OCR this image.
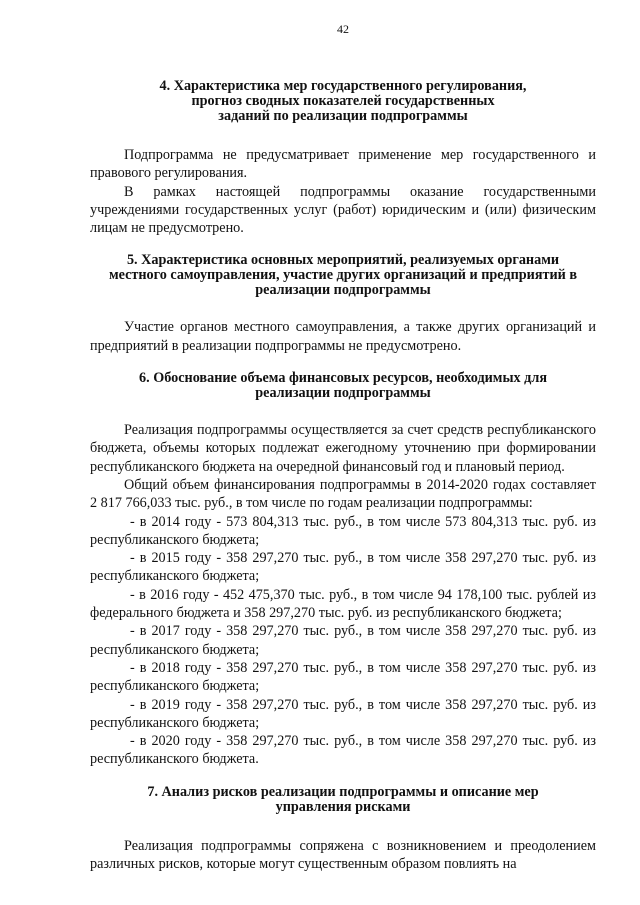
42
4. Характеристика мер государственного регулирования,
прогноз сводных показателей государственных
заданий по реализации подпрограммы

Подпрограмма не предусматривает применение мер государственного и правового регулирования.

В рамках настоящей подпрограммы оказание государственными учреждениями государственных услуг (работ) юридическим и (или) физическим лицам не предусмотрено.

5. Характеристика основных мероприятий, реализуемых органами
местного самоуправления, участие других организаций и предприятий в
реализации подпрограммы

Участие органов местного самоуправления, а также других организаций и предприятий в реализации подпрограммы не предусмотрено.

6. Обоснование объема финансовых ресурсов, необходимых для
реализации подпрограммы

Реализация подпрограммы осуществляется за счет средств республиканского бюджета, объемы которых подлежат ежегодному уточнению при формировании республиканского бюджета на очередной финансовый год и плановый период.

Общий объем финансирования подпрограммы в 2014-2020 годах составляет 2 817 766,033 тыс. руб., в том числе по годам реализации подпрограммы:

- в 2014 году - 573 804,313 тыс. руб., в том числе 573 804,313 тыс. руб. из республиканского бюджета;

- в 2015 году - 358 297,270 тыс. руб., в том числе 358 297,270 тыс. руб. из республиканского бюджета;

- в 2016 году - 452 475,370 тыс. руб., в том числе 94 178,100 тыс. рублей из федерального бюджета и 358 297,270 тыс. руб. из республиканского бюджета;

- в 2017 году - 358 297,270 тыс. руб., в том числе 358 297,270 тыс. руб. из республиканского бюджета;

- в 2018 году - 358 297,270 тыс. руб., в том числе 358 297,270 тыс. руб. из республиканского бюджета;

- в 2019 году - 358 297,270 тыс. руб., в том числе 358 297,270 тыс. руб. из республиканского бюджета;

- в 2020 году - 358 297,270 тыс. руб., в том числе 358 297,270 тыс. руб. из республиканского бюджета.

7. Анализ рисков реализации подпрограммы и описание мер
управления рисками

Реализация подпрограммы сопряжена с возникновением и преодолением различных рисков, которые могут существенным образом повлиять на
